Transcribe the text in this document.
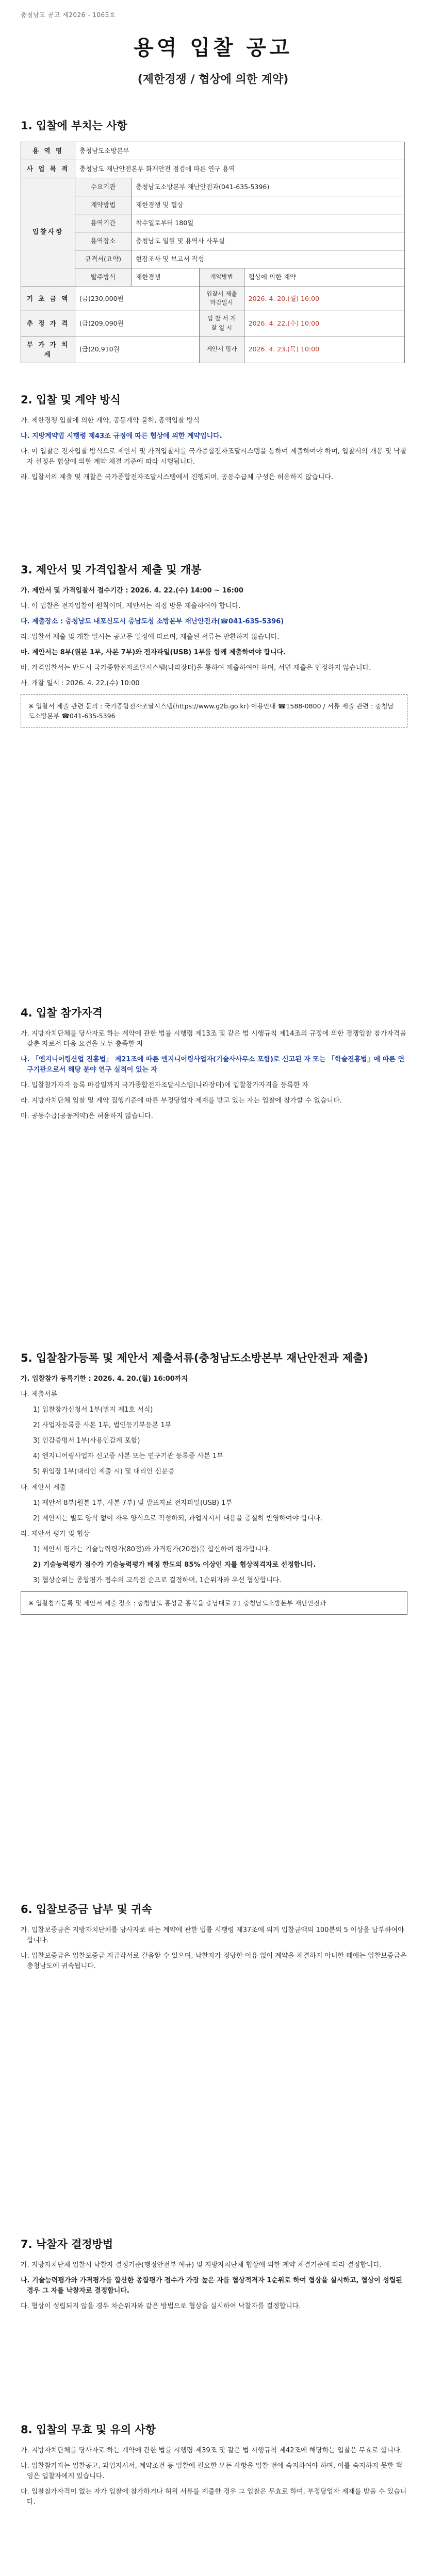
충청남도 공고 제2026 - 1065호
용역 입찰 공고
(제한경쟁 / 협상에 의한 계약)
1. 입찰에 부치는 사항
용 역 명	충청남도소방본부			
사 업 목 적	충청남도 재난안전본부 화재안전 점검에 따른 연구 용역			
입찰사항	수요기관	충청남도소방본부 재난안전과(041-635-5396)		
	계약방법	제한경쟁 및 협상		
	용역기간	착수일로부터 180일		
	용역장소	충청남도 일원 및 용역사 사무실		
	규격서(요약)	현장조사 및 보고서 작성		
	발주방식	제한경쟁	계약방법	협상에 의한 계약
기 초 금 액	(금)230,000원		입찰서 제출마감일시	2026. 4. 20.(월) 16:00
추 정 가 격	(금)209,090원		입 찰 서 개 찰 일 시	2026. 4. 22.(수) 10:00
부 가 가 치 세	(금)20,910원		제안서 평가	2026. 4. 23.(목) 10:00
2. 입찰 및 계약 방식

가. 제한경쟁 입찰에 의한 계약, 공동계약 불허, 총액입찰 방식

나. 지방계약법 시행령 제43조 규정에 따른 협상에 의한 계약입니다.

다. 이 입찰은 전자입찰 방식으로 제안서 및 가격입찰서를 국가종합전자조달시스템을 통하여 제출하여야 하며, 입찰서의 개봉 및 낙찰자 선정은 협상에 의한 계약 체결 기준에 따라 시행됩니다.

라. 입찰서의 제출 및 개찰은 국가종합전자조달시스템에서 진행되며, 공동수급체 구성은 허용하지 않습니다.

3. 제안서 및 가격입찰서 제출 및 개봉

가. 제안서 및 가격입찰서 접수기간 : 2026. 4. 22.(수) 14:00 ~ 16:00

나. 이 입찰은 전자입찰이 원칙이며, 제안서는 직접 방문 제출하여야 합니다.

다. 제출장소 : 충청남도 내포신도시 충남도청 소방본부 재난안전과(☎041-635-5396)

라. 입찰서 제출 및 개찰 일시는 공고문 일정에 따르며, 제출된 서류는 반환하지 않습니다.

마. 제안서는 8부(원본 1부, 사본 7부)와 전자파일(USB) 1부를 함께 제출하여야 합니다.

바. 가격입찰서는 반드시 국가종합전자조달시스템(나라장터)을 통하여 제출하여야 하며, 서면 제출은 인정하지 않습니다.

사. 개찰 일시 : 2026. 4. 22.(수) 10:00

※ 입찰서 제출 관련 문의 : 국가종합전자조달시스템(https://www.g2b.go.kr) 이용안내 ☎1588-0800 / 서류 제출 관련 : 충청남도소방본부 ☎041-635-5396
4. 입찰 참가자격

가. 지방자치단체를 당사자로 하는 계약에 관한 법률 시행령 제13조 및 같은 법 시행규칙 제14조의 규정에 의한 경쟁입찰 참가자격을 갖춘 자로서 다음 요건을 모두 충족한 자

나. 「엔지니어링산업 진흥법」 제21조에 따른 엔지니어링사업자(기술사사무소 포함)로 신고된 자 또는 「학술진흥법」에 따른 연구기관으로서 해당 분야 연구 실적이 있는 자

다. 입찰참가자격 등록 마감일까지 국가종합전자조달시스템(나라장터)에 입찰참가자격을 등록한 자

라. 지방자치단체 입찰 및 계약 집행기준에 따른 부정당업자 제재를 받고 있는 자는 입찰에 참가할 수 없습니다.

마. 공동수급(공동계약)은 허용하지 않습니다.

5. 입찰참가등록 및 제안서 제출서류(충청남도소방본부 재난안전과 제출)

가. 입찰참가 등록기한 : 2026. 4. 20.(월) 16:00까지

나. 제출서류

1) 입찰참가신청서 1부(별지 제1호 서식)

2) 사업자등록증 사본 1부, 법인등기부등본 1부

3) 인감증명서 1부(사용인감계 포함)

4) 엔지니어링사업자 신고증 사본 또는 연구기관 등록증 사본 1부

5) 위임장 1부(대리인 제출 시) 및 대리인 신분증

다. 제안서 제출

1) 제안서 8부(원본 1부, 사본 7부) 및 발표자료 전자파일(USB) 1부

2) 제안서는 별도 양식 없이 자유 양식으로 작성하되, 과업지시서 내용을 충실히 반영하여야 합니다.

라. 제안서 평가 및 협상

1) 제안서 평가는 기술능력평가(80점)와 가격평가(20점)를 합산하여 평가합니다.

2) 기술능력평가 점수가 기술능력평가 배점 한도의 85% 이상인 자를 협상적격자로 선정합니다.

3) 협상순위는 종합평가 점수의 고득점 순으로 결정하며, 1순위자와 우선 협상합니다.

※ 입찰참가등록 및 제안서 제출 장소 : 충청남도 홍성군 홍북읍 충남대로 21 충청남도소방본부 재난안전과
6. 입찰보증금 납부 및 귀속

가. 입찰보증금은 지방자치단체를 당사자로 하는 계약에 관한 법률 시행령 제37조에 의거 입찰금액의 100분의 5 이상을 납부하여야 합니다.

나. 입찰보증금은 입찰보증금 지급각서로 갈음할 수 있으며, 낙찰자가 정당한 이유 없이 계약을 체결하지 아니한 때에는 입찰보증금은 충청남도에 귀속됩니다.

7. 낙찰자 결정방법

가. 지방자치단체 입찰시 낙찰자 결정기준(행정안전부 예규) 및 지방자치단체 협상에 의한 계약 체결기준에 따라 결정합니다.

나. 기술능력평가와 가격평가를 합산한 종합평가 점수가 가장 높은 자를 협상적격자 1순위로 하여 협상을 실시하고, 협상이 성립된 경우 그 자를 낙찰자로 결정합니다.

다. 협상이 성립되지 않을 경우 차순위자와 같은 방법으로 협상을 실시하여 낙찰자를 결정합니다.

8. 입찰의 무효 및 유의 사항

가. 지방자치단체를 당사자로 하는 계약에 관한 법률 시행령 제39조 및 같은 법 시행규칙 제42조에 해당하는 입찰은 무효로 합니다.

나. 입찰참가자는 입찰공고, 과업지시서, 계약조건 등 입찰에 필요한 모든 사항을 입찰 전에 숙지하여야 하며, 이를 숙지하지 못한 책임은 입찰자에게 있습니다.

다. 입찰참가자격이 없는 자가 입찰에 참가하거나 허위 서류를 제출한 경우 그 입찰은 무효로 하며, 부정당업자 제재를 받을 수 있습니다.
